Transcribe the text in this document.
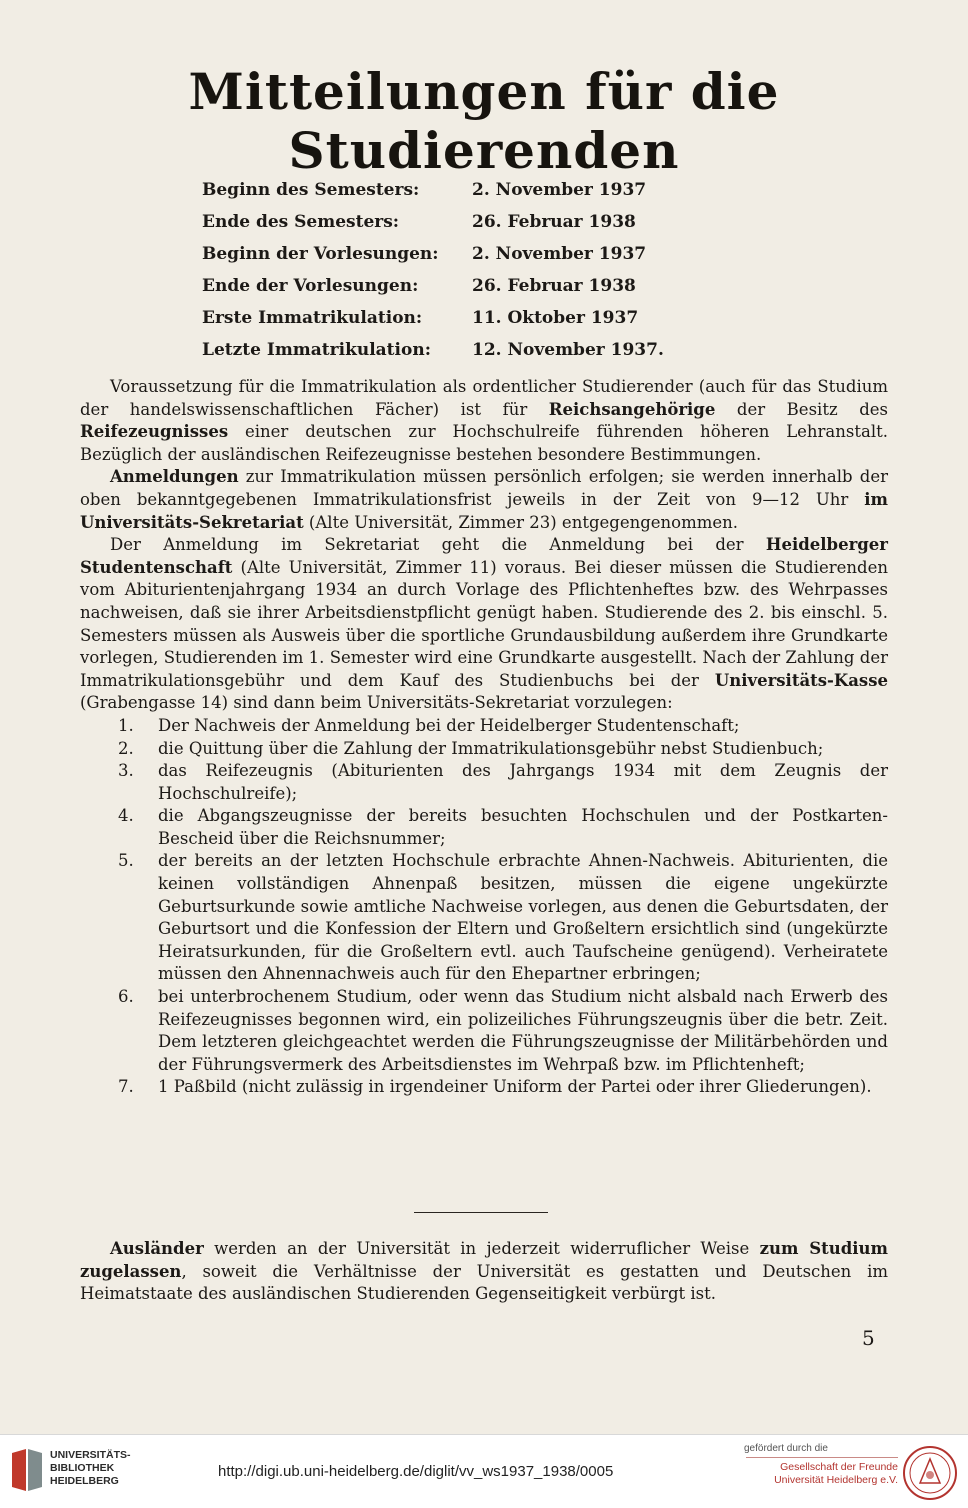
Mitteilungen für die Studierenden
Beginn des Semesters:	2. November 1937
Ende des Semesters:	26. Februar 1938
Beginn der Vorlesungen: 2. November 1937
Ende der Vorlesungen:	26. Februar 1938
Erste Immatrikulation:	11. Oktober 1937
Letzte Immatrikulation: 12. November 1937.

Voraussetzung für die Immatrikulation als ordentlicher Studierender (auch für das Studium der handelswissenschaftlichen Fächer) ist für Reichsangehörige der Besitz des Reifezeugnisses einer deutschen zur Hochschulreife führenden höheren Lehranstalt. Bezüglich der ausländischen Reifezeugnisse bestehen besondere Bestimmungen.

Anmeldungen zur Immatrikulation müssen persönlich erfolgen; sie werden innerhalb der oben bekanntgegebenen Immatrikulationsfrist jeweils in der Zeit von 9—12 Uhr im Universitäts-Sekretariat (Alte Universität, Zimmer 23) entgegengenommen.

Der Anmeldung im Sekretariat geht die Anmeldung bei der Heidelberger Studentenschaft (Alte Universität, Zimmer 11) voraus. Bei dieser müssen die Studierenden vom Abiturientenjahrgang 1934 an durch Vorlage des Pflichtenheftes bzw. des Wehrpasses nachweisen, daß sie ihrer Arbeitsdienstpflicht genügt haben. Studierende des 2. bis einschl. 5. Semesters müssen als Ausweis über die sportliche Grundausbildung außerdem ihre Grundkarte vorlegen, Studierenden im 1. Semester wird eine Grundkarte ausgestellt. Nach der Zahlung der Immatrikulationsgebühr und dem Kauf des Studienbuchs bei der Universitäts-Kasse (Grabengasse 14) sind dann beim Universitäts-Sekretariat vorzulegen:

1. Der Nachweis der Anmeldung bei der Heidelberger Studentenschaft;
2. die Quittung über die Zahlung der Immatrikulationsgebühr nebst Studienbuch;
3. das Reifezeugnis (Abiturienten des Jahrgangs 1934 mit dem Zeugnis der Hochschulreife);
4. die Abgangszeugnisse der bereits besuchten Hochschulen und der Postkarten-Bescheid über die Reichsnummer;
5. der bereits an der letzten Hochschule erbrachte Ahnen-Nachweis. Abiturienten, die keinen vollständigen Ahnenpaß besitzen, müssen die eigene ungekürzte Geburtsurkunde sowie amtliche Nachweise vorlegen, aus denen die Geburtsdaten, der Geburtsort und die Konfession der Eltern und Großeltern ersichtlich sind (ungekürzte Heiratsurkunden, für die Großeltern evtl. auch Taufscheine genügend). Verheiratete müssen den Ahnennachweis auch für den Ehepartner erbringen;
6. bei unterbrochenem Studium, oder wenn das Studium nicht alsbald nach Erwerb des Reifezeugnisses begonnen wird, ein polizeiliches Führungszeugnis über die betr. Zeit. Dem letzteren gleichgeachtet werden die Führungszeugnisse der Militärbehörden und der Führungsvermerk des Arbeitsdienstes im Wehrpaß bzw. im Pflichtenheft;
7. 1 Paßbild (nicht zulässig in irgendeiner Uniform der Partei oder ihrer Gliederungen).

Ausländer werden an der Universität in jederzeit widerruflicher Weise zum Studium zugelassen, soweit die Verhältnisse der Universität es gestatten und Deutschen im Heimatstaate des ausländischen Studierenden Gegenseitigkeit verbürgt ist.

5
UNIVERSITÄTS-
BIBLIOTHEK
HEIDELBERG
http://digi.ub.uni-heidelberg.de/diglit/vv_ws1937_1938/0005
gefördert durch die
Gesellschaft der Freunde
Universität Heidelberg e.V.
